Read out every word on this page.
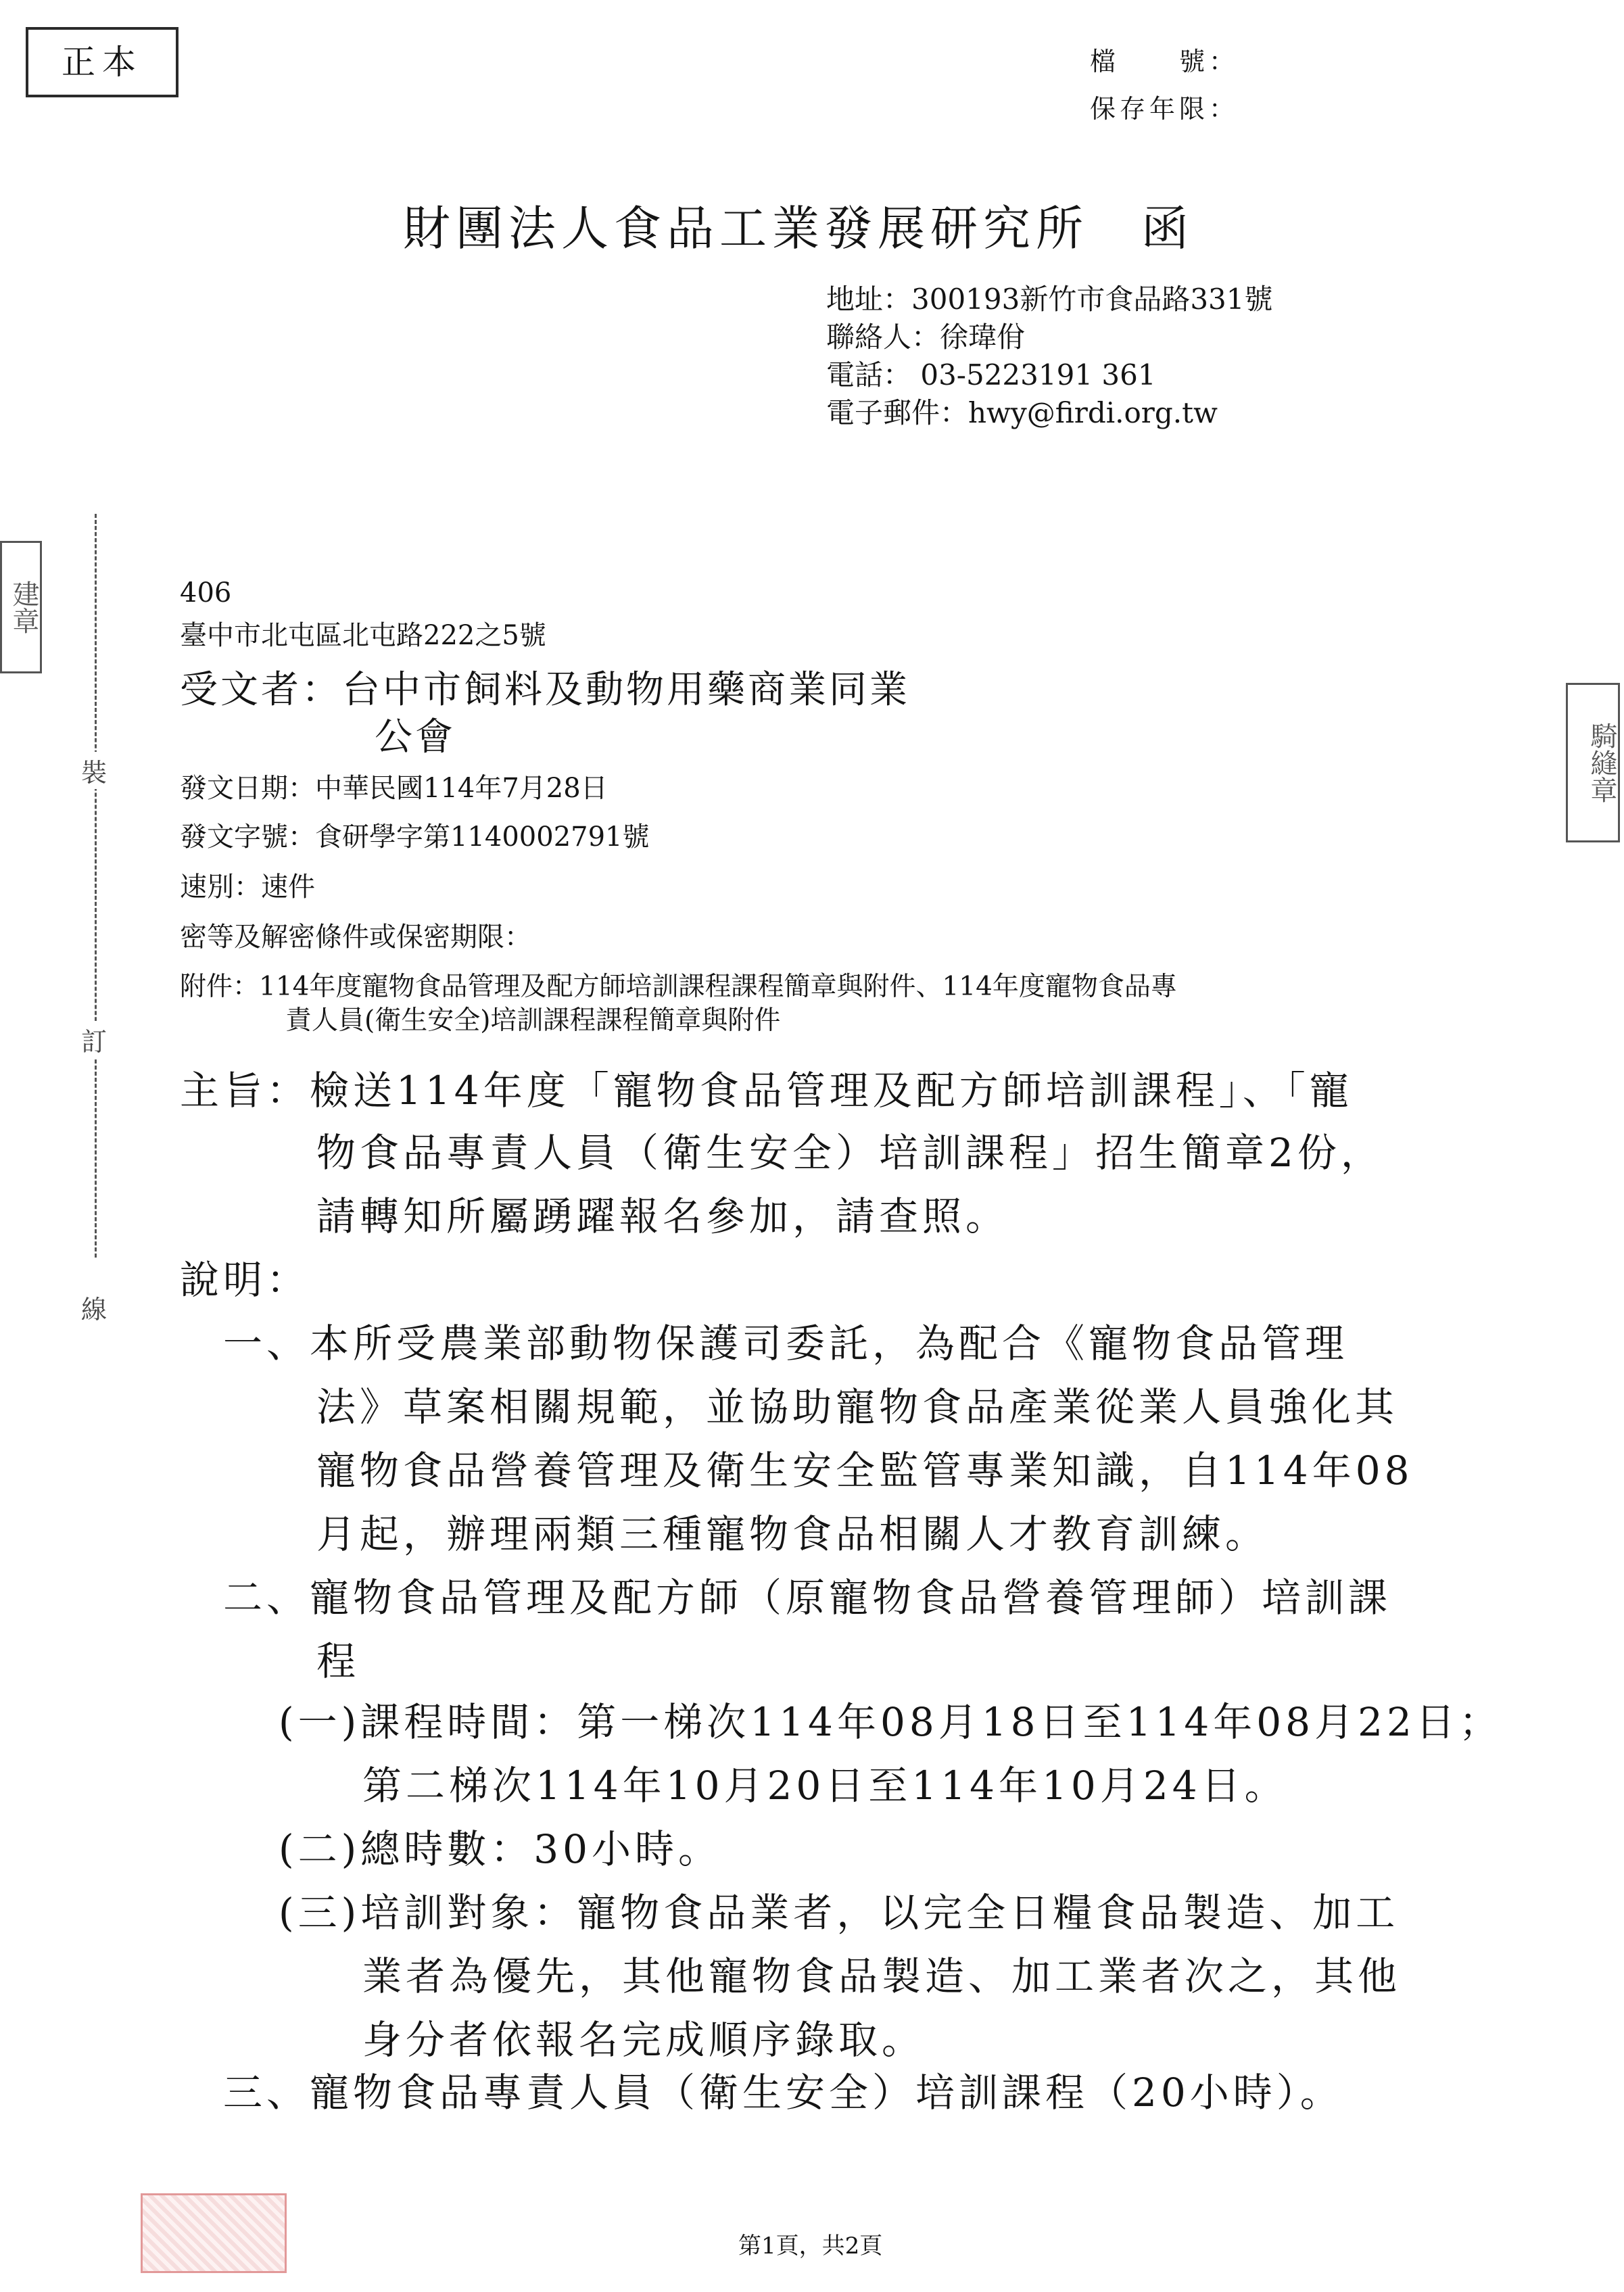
正本	檔　　號：
保存年限：
財團法人食品工業發展研究所　函
地址：300193新竹市食品路331號
聯絡人：徐瑋佾
電話： 03-5223191 361
電子郵件：hwy@firdi.org.tw
裝
訂
線
建章
騎縫章
406
臺中市北屯區北屯路222之5號
受文者：台中市飼料及動物用藥商業同業
公會
發文日期：中華民國114年7月28日
發文字號：食研學字第1140002791號
速別：速件
密等及解密條件或保密期限：
附件：114年度寵物食品管理及配方師培訓課程課程簡章與附件、114年度寵物食品專
責人員(衛生安全)培訓課程課程簡章與附件
主旨：檢送114年度「寵物食品管理及配方師培訓課程」、「寵
物食品專責人員（衛生安全）培訓課程」招生簡章2份，
請轉知所屬踴躍報名參加，請查照。
說明：
一、本所受農業部動物保護司委託，為配合《寵物食品管理
法》草案相關規範，並協助寵物食品產業從業人員強化其
寵物食品營養管理及衛生安全監管專業知識，自114年08
月起，辦理兩類三種寵物食品相關人才教育訓練。
二、寵物食品管理及配方師（原寵物食品營養管理師）培訓課
程
(一)課程時間：第一梯次114年08月18日至114年08月22日；
第二梯次114年10月20日至114年10月24日。
(二)總時數：30小時。
(三)培訓對象：寵物食品業者，以完全日糧食品製造、加工
業者為優先，其他寵物食品製造、加工業者次之，其他
身分者依報名完成順序錄取。
三、寵物食品專責人員（衛生安全）培訓課程（20小時）。
第1頁，共2頁
